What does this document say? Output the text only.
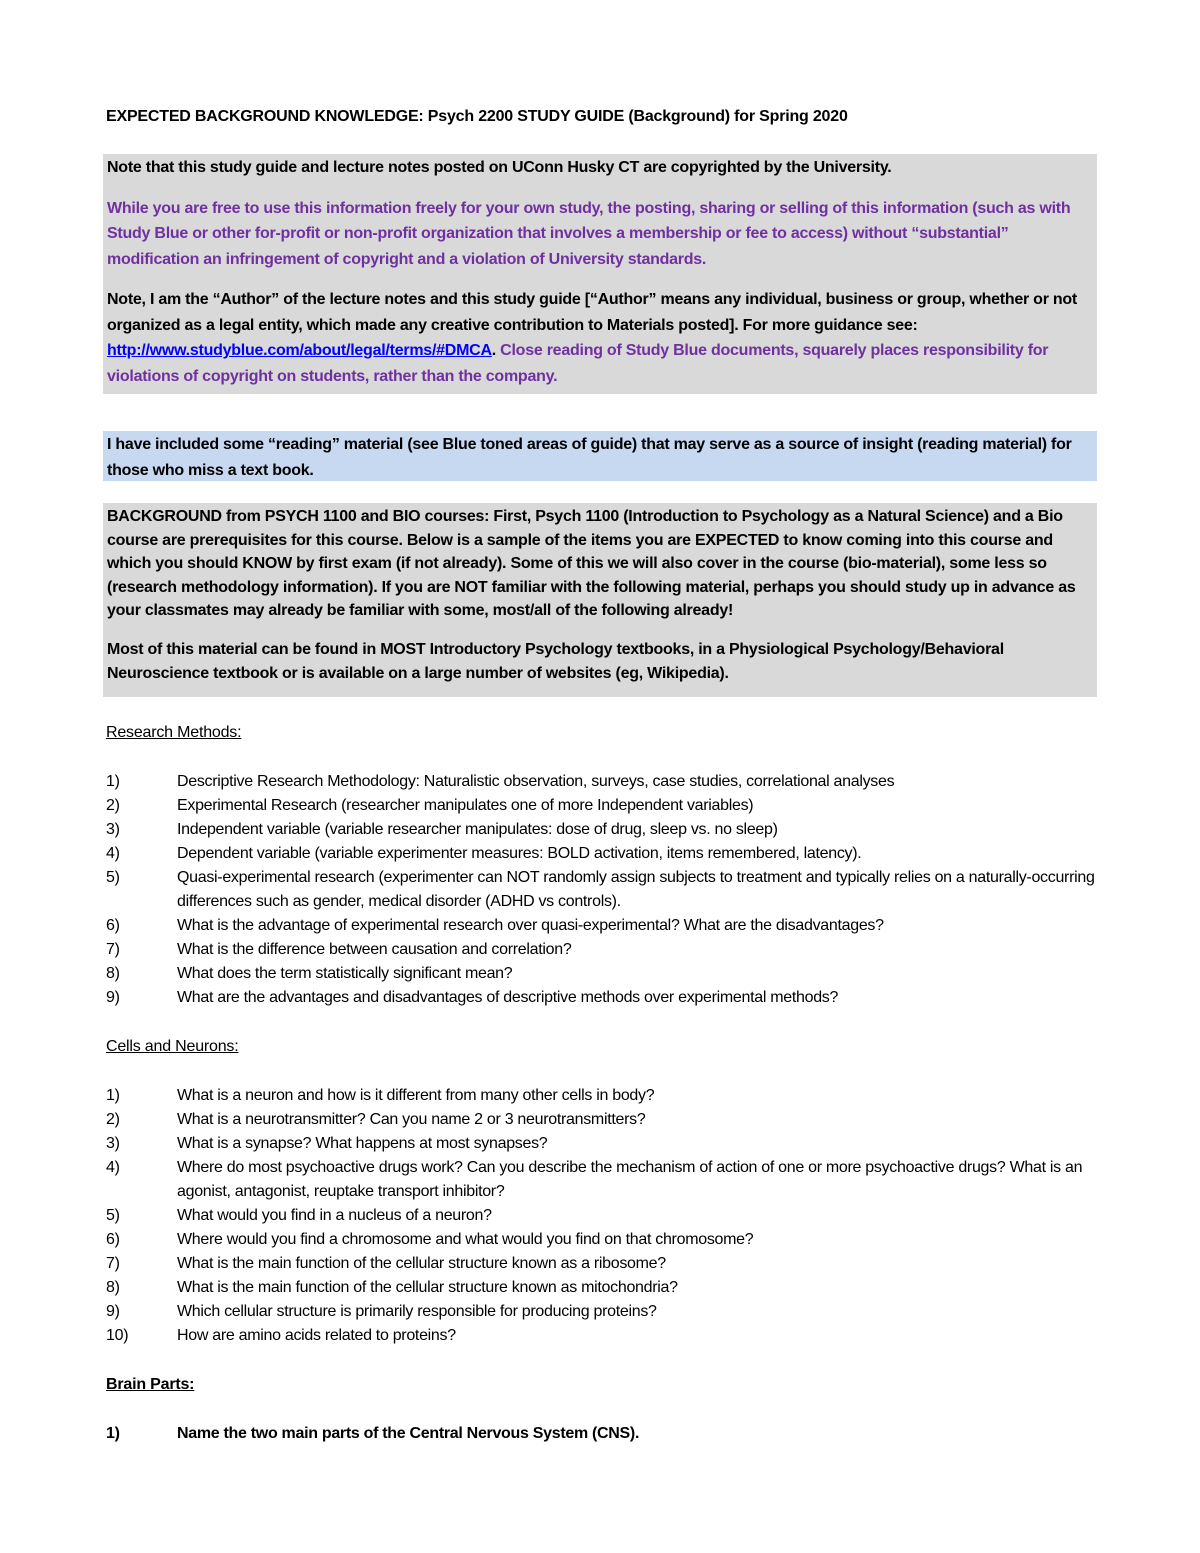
EXPECTED BACKGROUND KNOWLEDGE: Psych 2200 STUDY GUIDE (Background) for Spring 2020

Note that this study guide and lecture notes posted on UConn Husky CT are copyrighted by the University.

While you are free to use this information freely for your own study, the posting, sharing or selling of this information (such as with Study Blue or other for-profit or non-profit organization that involves a membership or fee to access) without “substantial” modification an infringement of copyright and a violation of University standards.

Note, I am the “Author” of the lecture notes and this study guide [“Author” means any individual, business or group, whether or not organized as a legal entity, which made any creative contribution to Materials posted]. For more guidance see: http://www.studyblue.com/about/legal/terms/#DMCA. Close reading of Study Blue documents, squarely places responsibility for violations of copyright on students, rather than the company.

I have included some “reading” material (see Blue toned areas of guide) that may serve as a source of insight (reading material) for those who miss a text book.

BACKGROUND from PSYCH 1100 and BIO courses: First, Psych 1100 (Introduction to Psychology as a Natural Science) and a Bio course are prerequisites for this course. Below is a sample of the items you are EXPECTED to know coming into this course and which you should KNOW by first exam (if not already). Some of this we will also cover in the course (bio-material), some less so (research methodology information). If you are NOT familiar with the following material, perhaps you should study up in advance as your classmates may already be familiar with some, most/all of the following already!

Most of this material can be found in MOST Introductory Psychology textbooks, in a Physiological Psychology/Behavioral Neuroscience textbook or is available on a large number of websites (eg, Wikipedia).

Research Methods:
1)	Descriptive Research Methodology: Naturalistic observation, surveys, case studies, correlational analyses
2)	Experimental Research (researcher manipulates one of more Independent variables)
3)	Independent variable (variable researcher manipulates: dose of drug, sleep vs. no sleep)
4)	Dependent variable (variable experimenter measures: BOLD activation, items remembered, latency).
5)	Quasi-experimental research (experimenter can NOT randomly assign subjects to treatment and typically relies on a naturally-occurring differences such as gender, medical disorder (ADHD vs controls).
6)	What is the advantage of experimental research over quasi-experimental? What are the disadvantages?
7)	What is the difference between causation and correlation?
8)	What does the term statistically significant mean?
9)	What are the advantages and disadvantages of descriptive methods over experimental methods?
Cells and Neurons:
1)	What is a neuron and how is it different from many other cells in body?
2)	What is a neurotransmitter? Can you name 2 or 3 neurotransmitters?
3)	What is a synapse? What happens at most synapses?
4)	Where do most psychoactive drugs work? Can you describe the mechanism of action of one or more psychoactive drugs? What is an agonist, antagonist, reuptake transport inhibitor?
5)	What would you find in a nucleus of a neuron?
6)	Where would you find a chromosome and what would you find on that chromosome?
7)	What is the main function of the cellular structure known as a ribosome?
8)	What is the main function of the cellular structure known as mitochondria?
9)	Which cellular structure is primarily responsible for producing proteins?
10)	How are amino acids related to proteins?
Brain Parts:
1)	Name the two main parts of the Central Nervous System (CNS).
